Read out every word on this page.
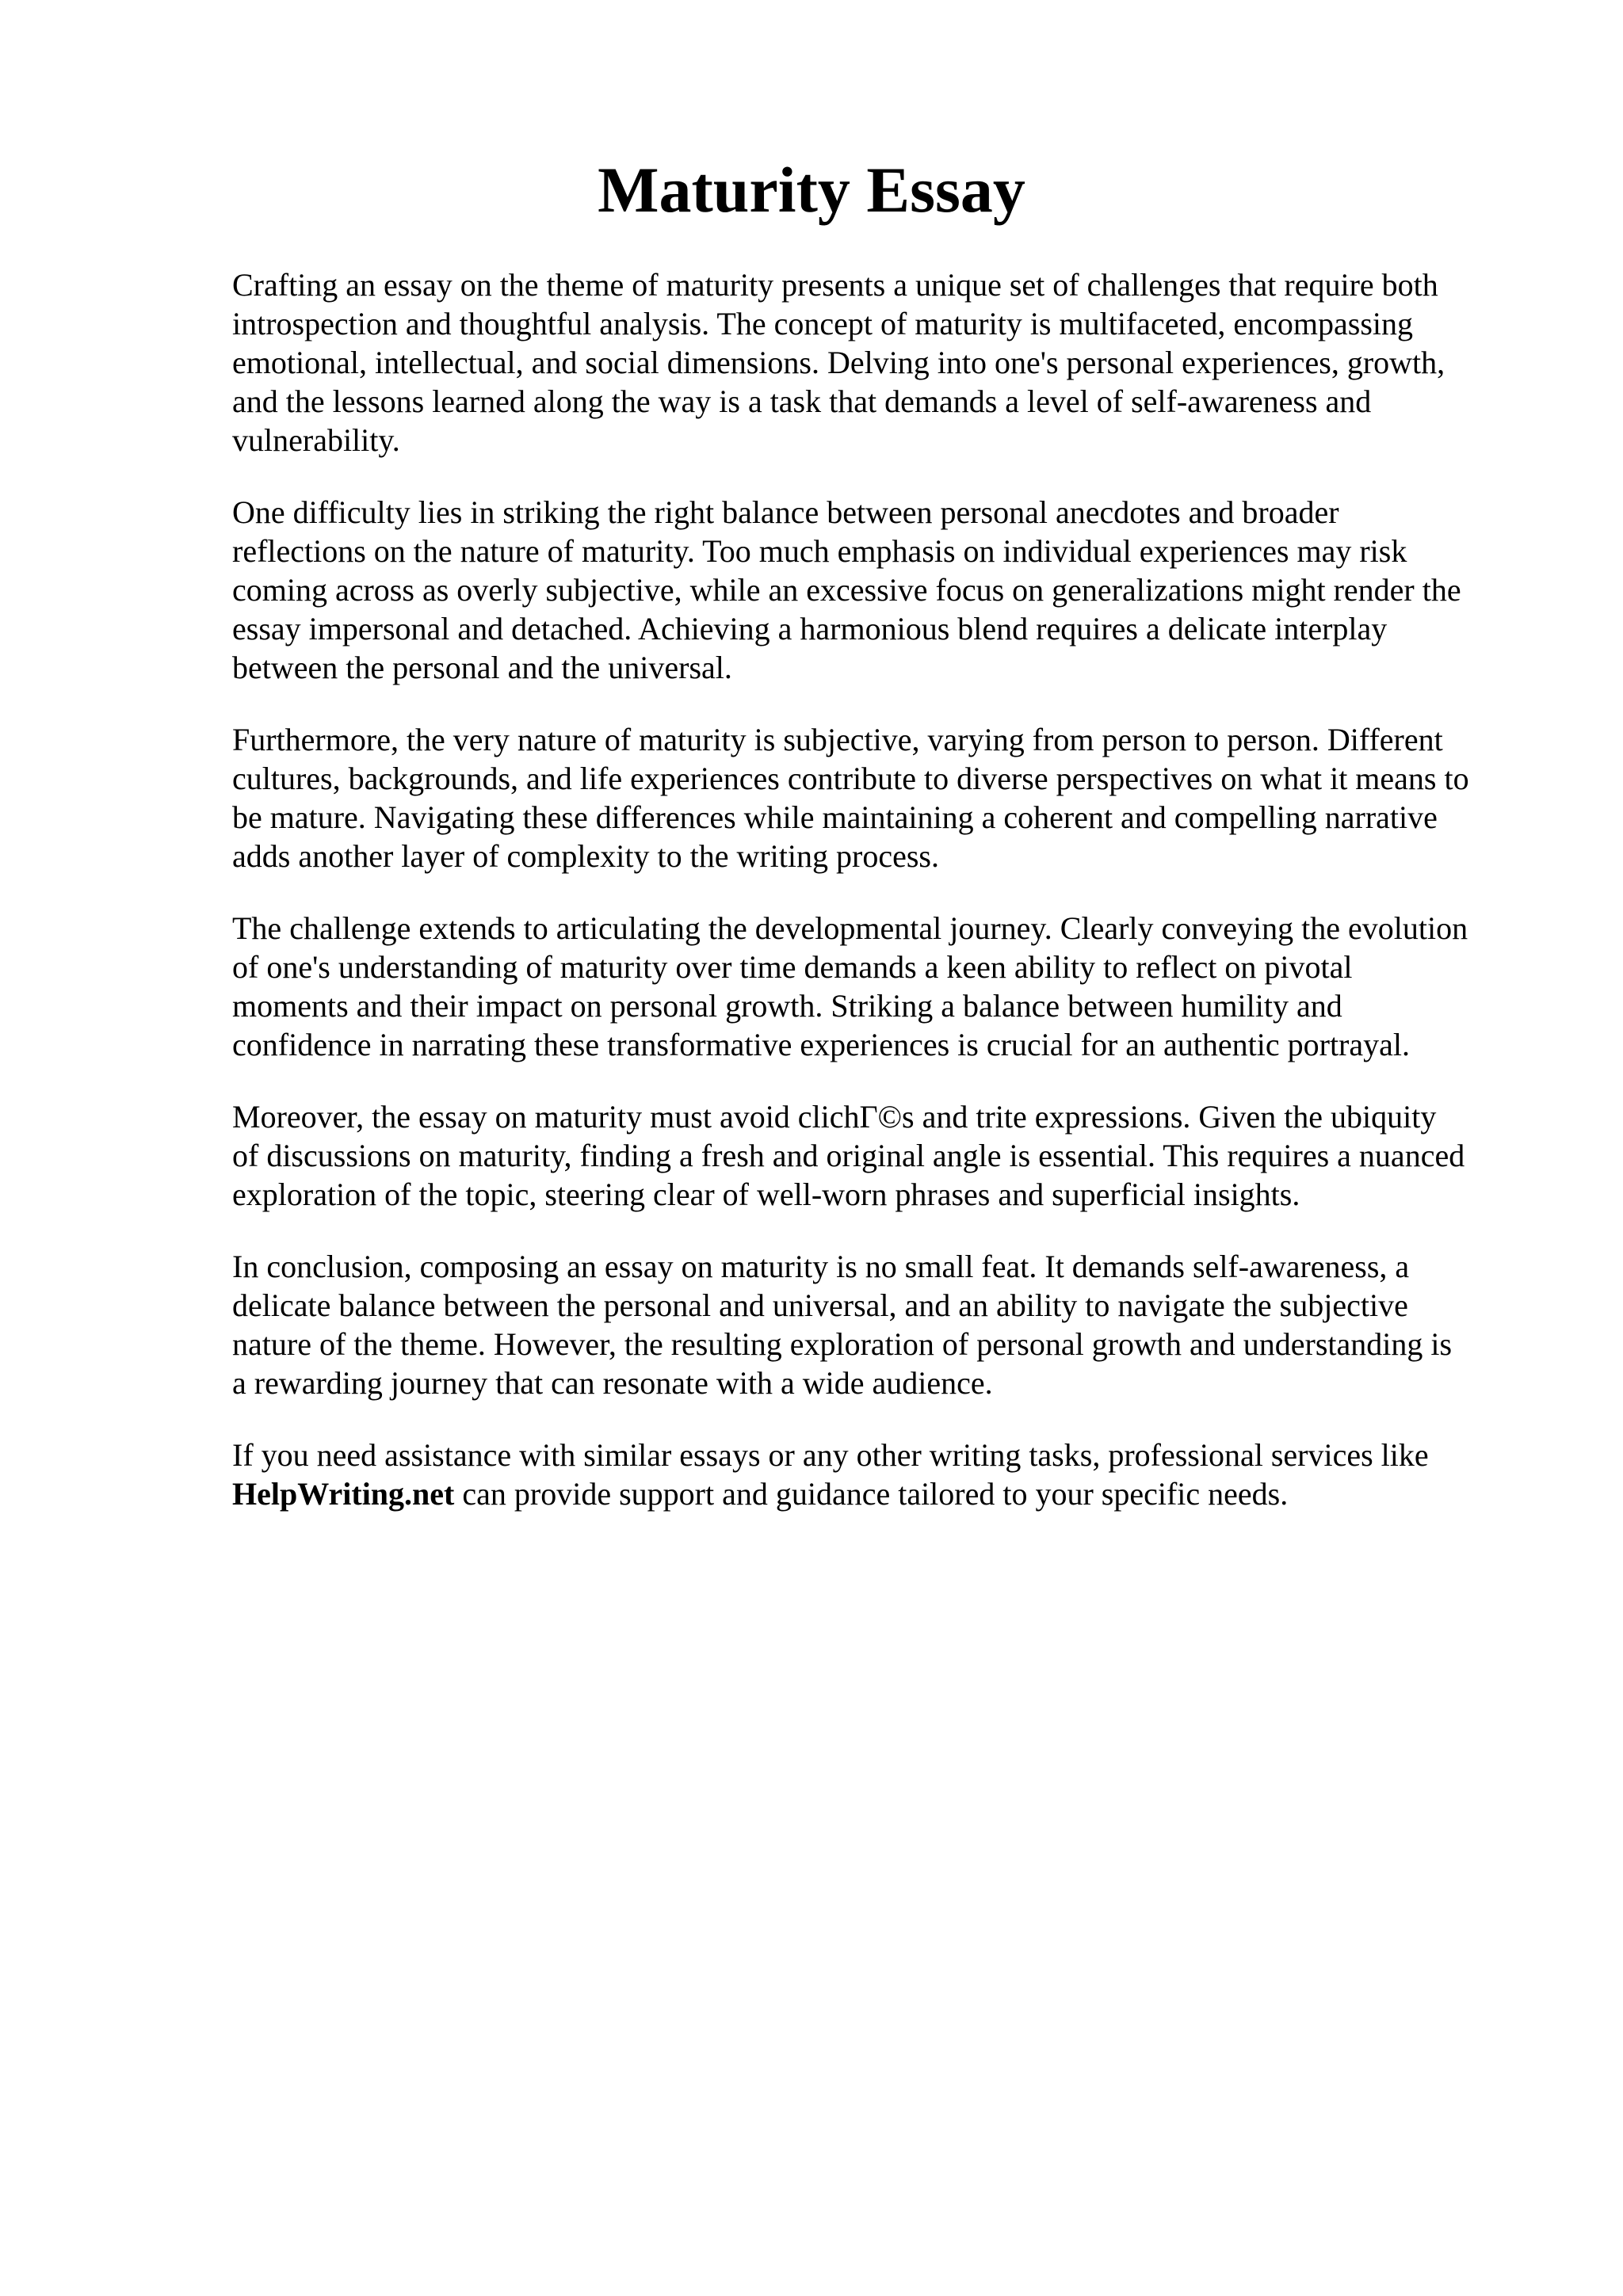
Maturity Essay

Crafting an essay on the theme of maturity presents a unique set of challenges that require both
introspection and thoughtful analysis. The concept of maturity is multifaceted, encompassing
emotional, intellectual, and social dimensions. Delving into one's personal experiences, growth,
and the lessons learned along the way is a task that demands a level of self-awareness and
vulnerability.

One difficulty lies in striking the right balance between personal anecdotes and broader
reflections on the nature of maturity. Too much emphasis on individual experiences may risk
coming across as overly subjective, while an excessive focus on generalizations might render the
essay impersonal and detached. Achieving a harmonious blend requires a delicate interplay
between the personal and the universal.

Furthermore, the very nature of maturity is subjective, varying from person to person. Different
cultures, backgrounds, and life experiences contribute to diverse perspectives on what it means to
be mature. Navigating these differences while maintaining a coherent and compelling narrative
adds another layer of complexity to the writing process.

The challenge extends to articulating the developmental journey. Clearly conveying the evolution
of one's understanding of maturity over time demands a keen ability to reflect on pivotal
moments and their impact on personal growth. Striking a balance between humility and
confidence in narrating these transformative experiences is crucial for an authentic portrayal.

Moreover, the essay on maturity must avoid clichГ©s and trite expressions. Given the ubiquity
of discussions on maturity, finding a fresh and original angle is essential. This requires a nuanced
exploration of the topic, steering clear of well-worn phrases and superficial insights.

In conclusion, composing an essay on maturity is no small feat. It demands self-awareness, a
delicate balance between the personal and universal, and an ability to navigate the subjective
nature of the theme. However, the resulting exploration of personal growth and understanding is
a rewarding journey that can resonate with a wide audience.

If you need assistance with similar essays or any other writing tasks, professional services like
HelpWriting.net can provide support and guidance tailored to your specific needs.
